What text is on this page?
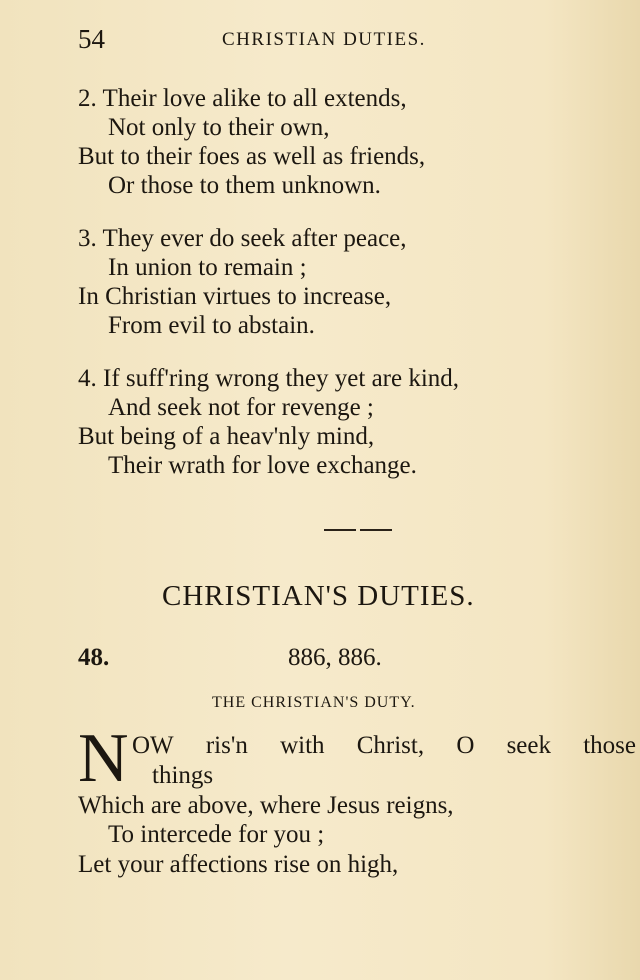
54	CHRISTIAN DUTIES.
2. Their love alike to all extends,
Not only to their own,
But to their foes as well as friends,
Or those to them unknown.
3. They ever do seek after peace,
In union to remain ;
In Christian virtues to increase,
From evil to abstain.
4. If suff'ring wrong they yet are kind,
And seek not for revenge ;
But being of a heav'nly mind,
Their wrath for love exchange.
CHRISTIAN'S DUTIES.
48.	886, 886.
THE CHRISTIAN'S DUTY.
N OW ris'n with Christ, O seek those
things
Which are above, where Jesus reigns,
To intercede for you ;
Let your affections rise on high,
